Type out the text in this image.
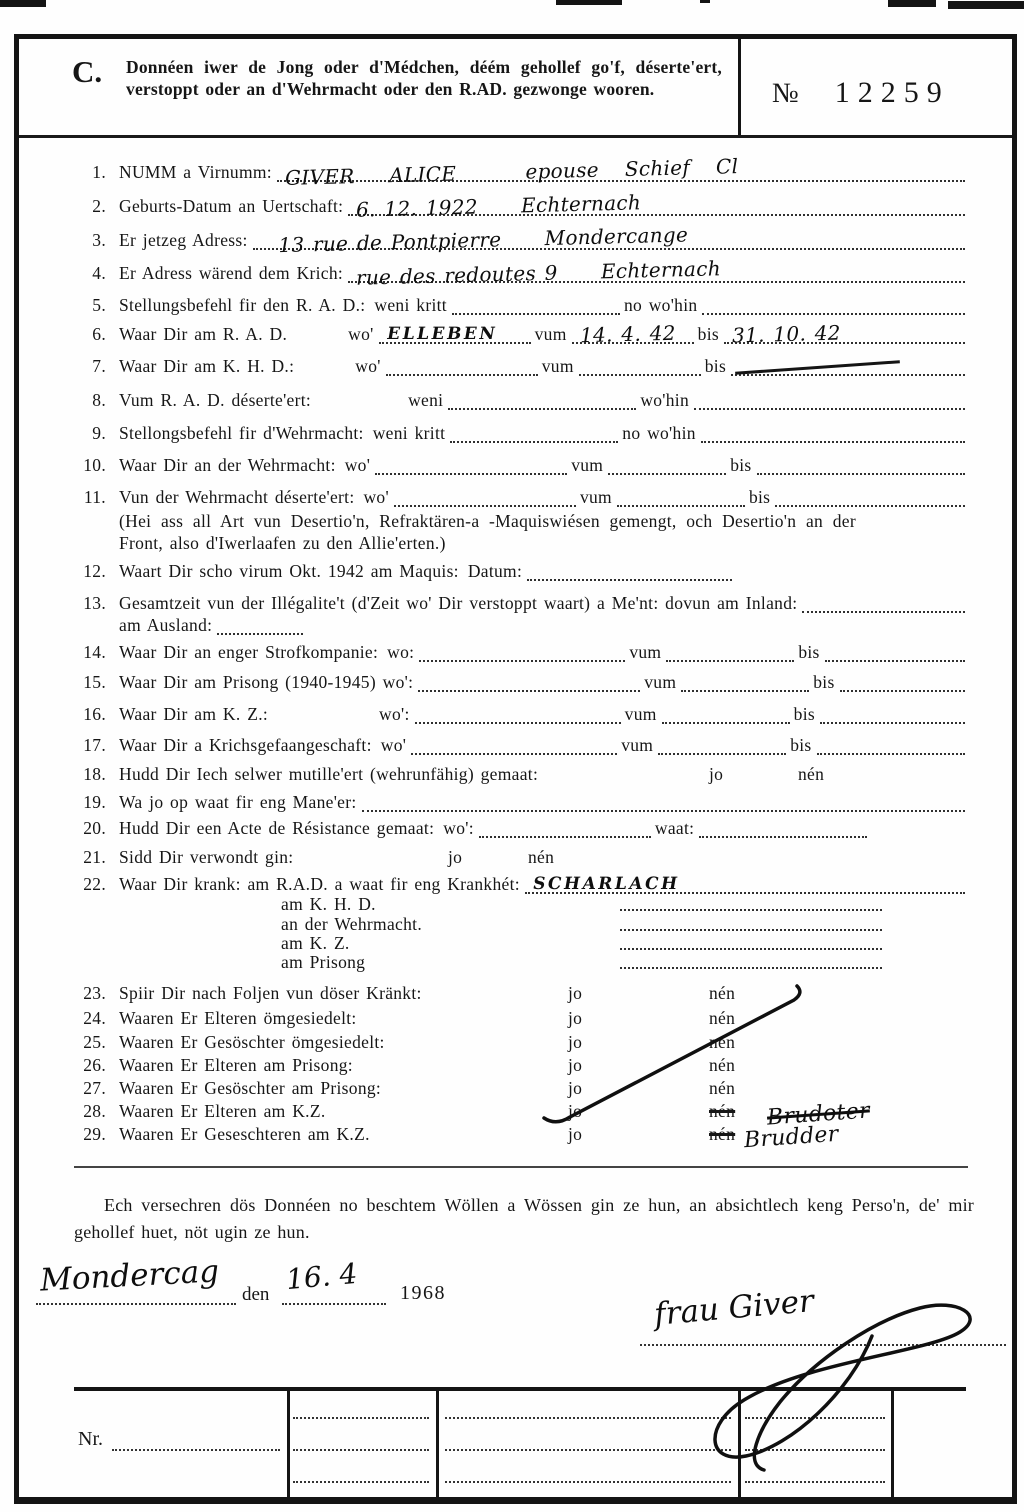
C. Donnéen iwer de Jong oder d'Médchen, déém gehollef go'f, déserte'ert, verstoppt oder an d'Wehrmacht oder den R.AD. gezwonge wooren.	№ 12259
1. NUMM a Virnumm: GIVER    ALICE        epouse   Schief   Cl
2. Geburts-Datum an Uertschaft: 6. 12. 1922     Echternach
3. Er jetzeg Adress: 13 rue de Pontpierre     Mondercange
4. Er Adress wärend dem Krich: rue des redoutes 9     Echternach
5. Stellungsbefehl fir den R. A. D.: weni kritt	no wo'hin
6. Waar Dir am R. A. D.	wo' ELLEBEN vum 14. 4. 42 bis 31. 10. 42
7. Waar Dir am K. H. D.:	wo'	vum	bis
8. Vum R. A. D. déserte'ert:	weni	wo'hin
9. Stellongsbefehl fir d'Wehrmacht: weni kritt	no wo'hin
10. Waar Dir an der Wehrmacht: wo'	vum	bis
11. Vun der Wehrmacht déserte'ert: wo'	vum	bis
(Hei ass all Art vun Desertio'n, Refraktären-a -Maquiswiésen gemengt, och Desertio'n an der
Front, also d'Iwerlaafen zu den Allie'erten.)
12. Waart Dir scho virum Okt. 1942 am Maquis: Datum:
13. Gesamtzeit vun der Illégalite't (d'Zeit wo' Dir verstoppt waart) a Me'nt: dovun am Inland:
am Ausland:
14. Waar Dir an enger Strofkompanie: wo:	vum	bis
15. Waar Dir am Prisong (1940-1945) wo':	vum	bis
16. Waar Dir am K. Z.:	wo':	vum	bis
17. Waar Dir a Krichsgefaangeschaft: wo'	vum	bis
18. Hudd Dir Iech selwer mutille'ert (wehrunfähig) gemaat:	jo	nén
19. Wa jo op waat fir eng Mane'er:
20. Hudd Dir een Acte de Résistance gemaat: wo':	waat:
21. Sidd Dir verwondt gin:	jo	nén
22. Waar Dir krank: am R.A.D. a waat fir eng Krankhét: SCHARLACH
am K. H. D.
an der Wehrmacht.
am K. Z.
am Prisong
23. Spiir Dir nach Foljen vun döser Kränkt:	jo	nén
24. Waaren Er Elteren ömgesiedelt:	jo	nén
25. Waaren Er Gesöschter ömgesiedelt:	jo	nén
26. Waaren Er Elteren am Prisong:	jo	nén
27. Waaren Er Gesöschter am Prisong:	jo	nén
28. Waaren Er Elteren am K.Z.	jo	nén Brudoter
29. Waaren Er Geseschteren am K.Z.	jo	nén Brudder
Ech versechren dös Donnéen no beschtem Wöllen a Wössen gin ze hun, an absichtlech keng Perso'n, de' mir gehollef huet, nöt ugin ze hun.
Mondercag den 16. 4 1968	frau Giver
Nr.
